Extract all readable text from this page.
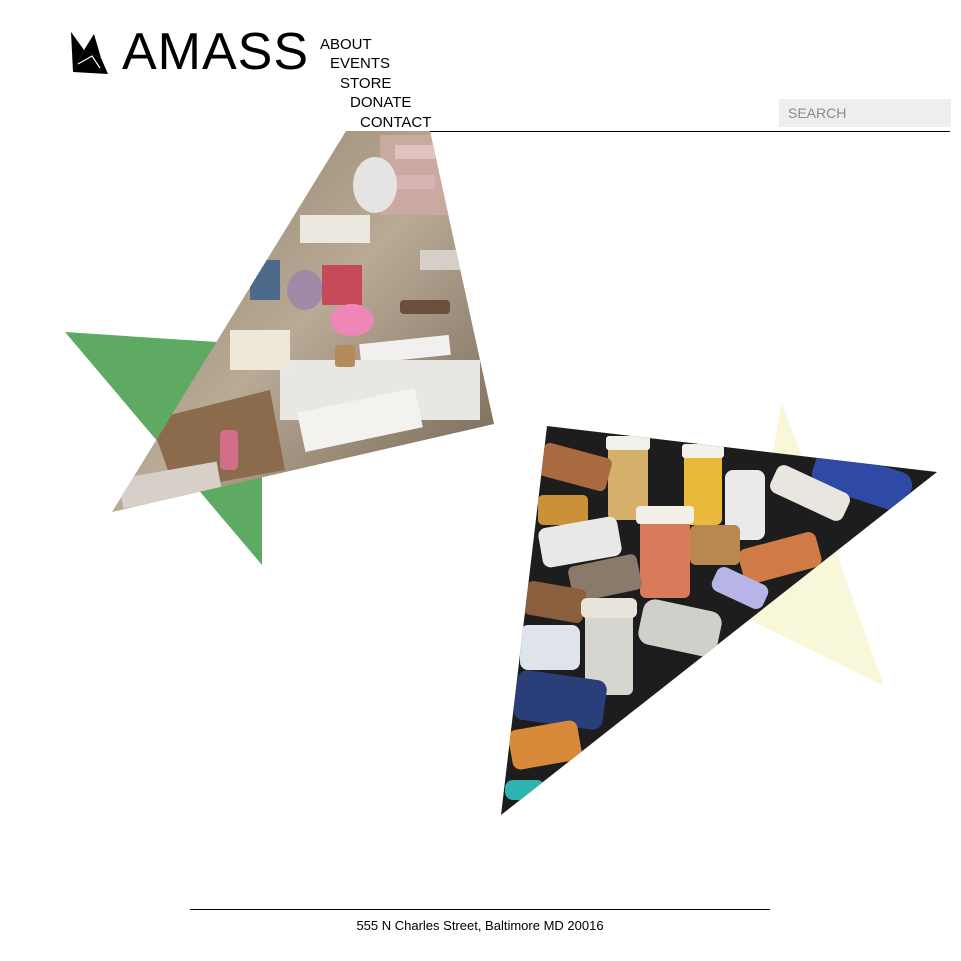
AMASS ABOUT
EVENTS
STORE
DONATE
CONTACT
SEARCH
555 N Charles Street, Baltimore MD 20016
